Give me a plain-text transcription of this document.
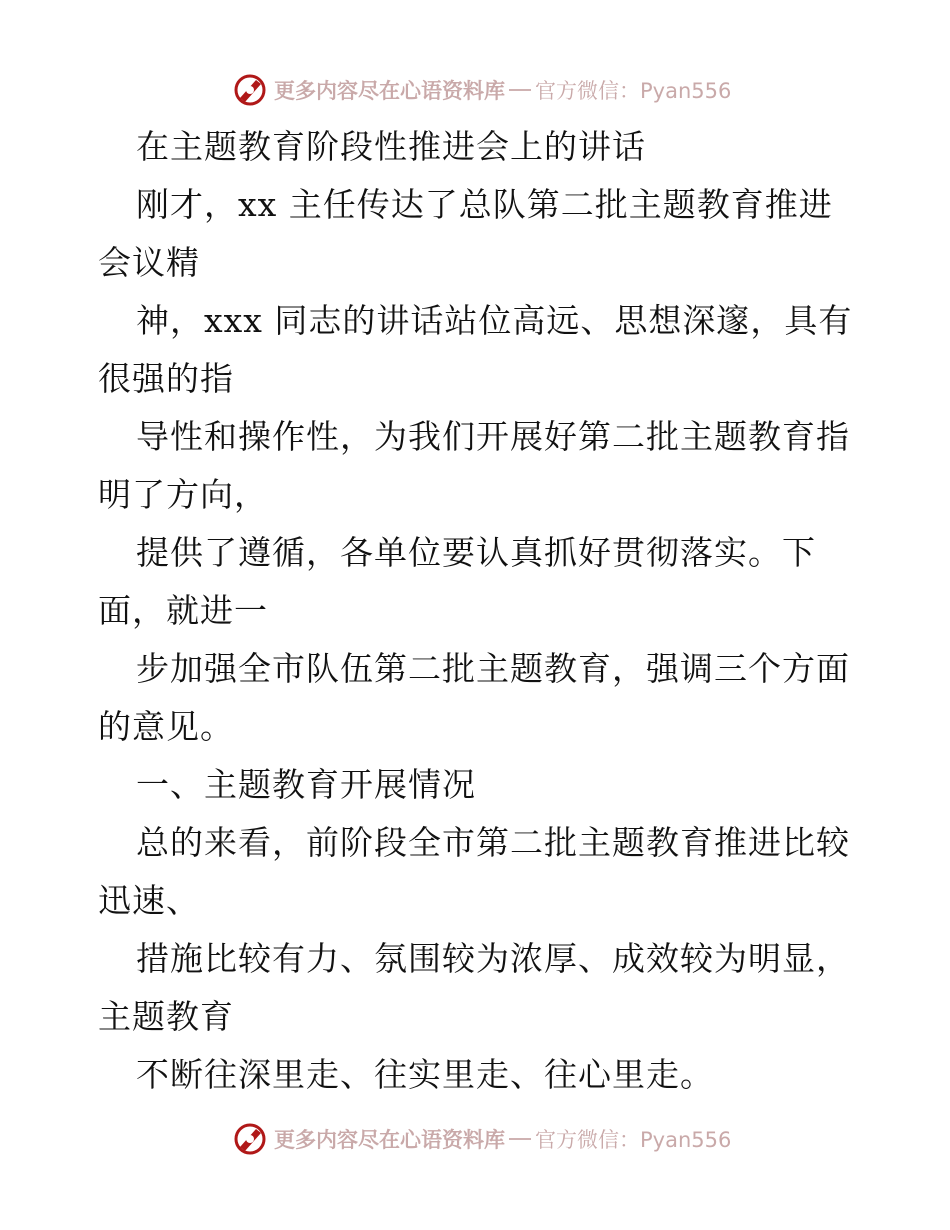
更多内容尽在心语资料库 官方微信：Pyan556

在主题教育阶段性推进会上的讲话

刚才，xx 主任传达了总队第二批主题教育推进会议精

神，xxx 同志的讲话站位高远、思想深邃，具有很强的指

导性和操作性，为我们开展好第二批主题教育指明了方向，

提供了遵循，各单位要认真抓好贯彻落实。下面，就进一

步加强全市队伍第二批主题教育，强调三个方面的意见。

一、主题教育开展情况

总的来看，前阶段全市第二批主题教育推进比较迅速、

措施比较有力、氛围较为浓厚、成效较为明显，主题教育

不断往深里走、往实里走、往心里走。

更多内容尽在心语资料库 官方微信：Pyan556
